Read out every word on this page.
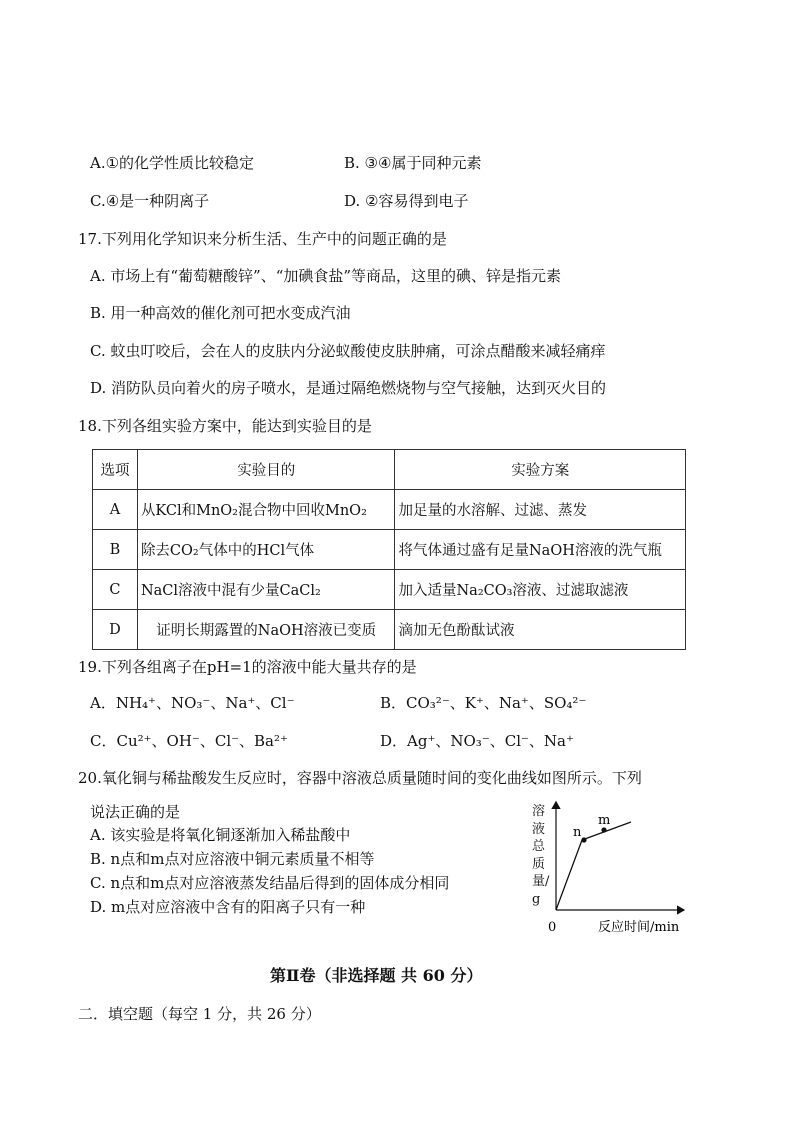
A.①的化学性质比较稳定	B. ③④属于同种元素
C.④是一种阴离子	D. ②容易得到电子
17.下列用化学知识来分析生活、生产中的问题正确的是
A. 市场上有“葡萄糖酸锌”、“加碘食盐”等商品，这里的碘、锌是指元素
B. 用一种高效的催化剂可把水变成汽油
C. 蚊虫叮咬后，会在人的皮肤内分泌蚁酸使皮肤肿痛，可涂点醋酸来减轻痛痒
D. 消防队员向着火的房子喷水，是通过隔绝燃烧物与空气接触，达到灭火目的
18.下列各组实验方案中，能达到实验目的是
选项	实验目的	实验方案
A	从KCl和MnO₂混合物中回收MnO₂	加足量的水溶解、过滤、蒸发
B	除去CO₂气体中的HCl气体	将气体通过盛有足量NaOH溶液的洗气瓶
C	NaCl溶液中混有少量CaCl₂	加入适量Na₂CO₃溶液、过滤取滤液
D	证明长期露置的NaOH溶液已变质	滴加无色酚酞试液
19.下列各组离子在pH=1的溶液中能大量共存的是
A．NH₄⁺、NO₃⁻、Na⁺、Cl⁻	B．CO₃²⁻、K⁺、Na⁺、SO₄²⁻
C．Cu²⁺、OH⁻、Cl⁻、Ba²⁺	D．Ag⁺、NO₃⁻、Cl⁻、Na⁺
20.氧化铜与稀盐酸发生反应时，容器中溶液总质量随时间的变化曲线如图所示。下列
说法正确的是
A. 该实验是将氧化铜逐渐加入稀盐酸中
B. n点和m点对应溶液中铜元素质量不相等
C. n点和m点对应溶液蒸发结晶后得到的固体成分相同
D. m点对应溶液中含有的阳离子只有一种
n
m
0	反应时间/min
溶液总质量/g
第Ⅱ卷（非选择题 共 60 分）
二．填空题（每空 1 分，共 26 分）
